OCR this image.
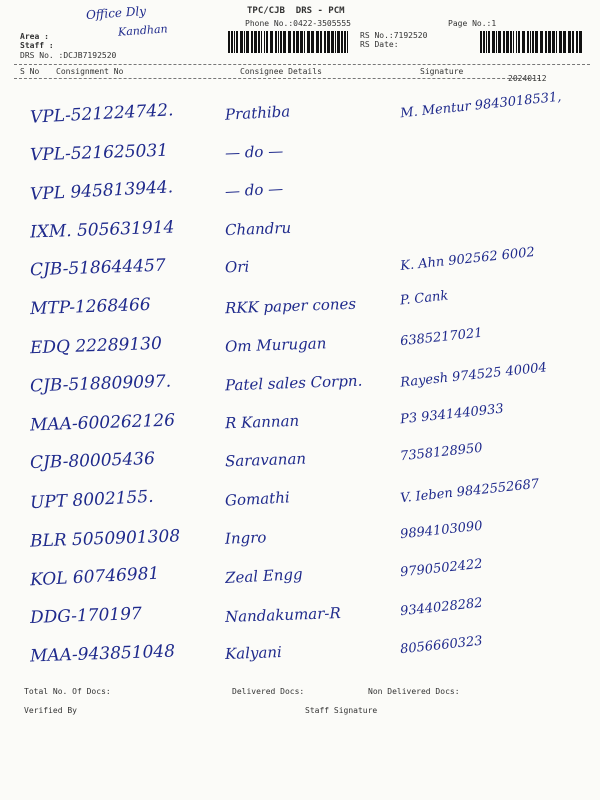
TPC/CJB DRS - PCM
Phone No.:0422-3505555
RS No.:7192520
RS Date:
Page No.:1
Area :
Staff :
DRS No. :DCJB7192520
Office Dly
Kandhan
S No Consignment No	Consignee Details	Signature
20240112
VPL-521224742.	Prathiba	M. Mentur 9843018531,
VPL-521625031	— do —
VPL 945813944.	— do —
IXM. 505631914	Chandru
CJB-518644457	Ori	K. Ahn 902562 6002
MTP-1268466	RKK paper cones	P. Cank
EDQ 22289130	Om Murugan	6385217021
CJB-518809097.	Patel sales Corpn.	Rayesh 974525 40004
MAA-600262126	R Kannan	P3 9341440933
CJB-80005436	Saravanan	7358128950
UPT 8002155.	Gomathi	V. Ieben 9842552687
BLR 5050901308	Ingro	9894103090
KOL 60746981	Zeal Engg	9790502422
DDG-170197	Nandakumar-R	9344028282
MAA-943851048	Kalyani	8056660323
Total No. Of Docs:	Delivered Docs:	Non Delivered Docs:
Verified By	Staff Signature
